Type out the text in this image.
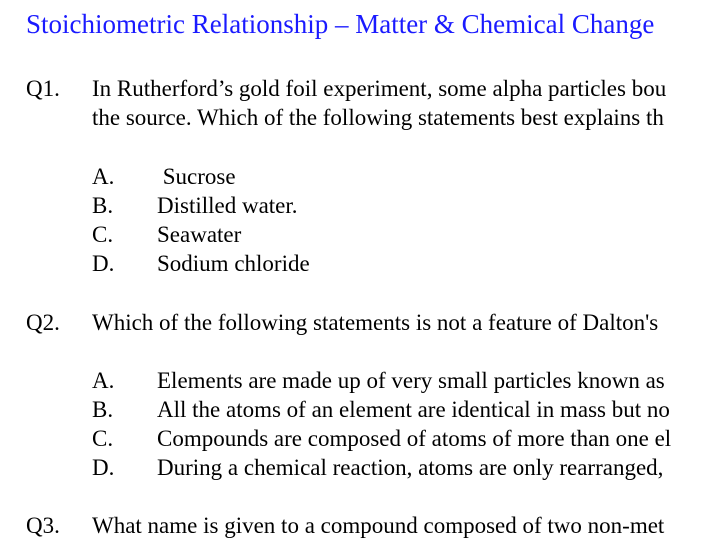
Stoichiometric Relationship – Matter & Chemical Change
Q1. In Rutherford’s gold foil experiment, some alpha particles bou
the source. Which of the following statements best explains th
A. Sucrose
B. Distilled water.
C. Seawater
D. Sodium chloride
Q2. Which of the following statements is not a feature of Dalton's
A. Elements are made up of very small particles known as
B. All the atoms of an element are identical in mass but no
C. Compounds are composed of atoms of more than one el
D. During a chemical reaction, atoms are only rearranged,
Q3. What name is given to a compound composed of two non-met
